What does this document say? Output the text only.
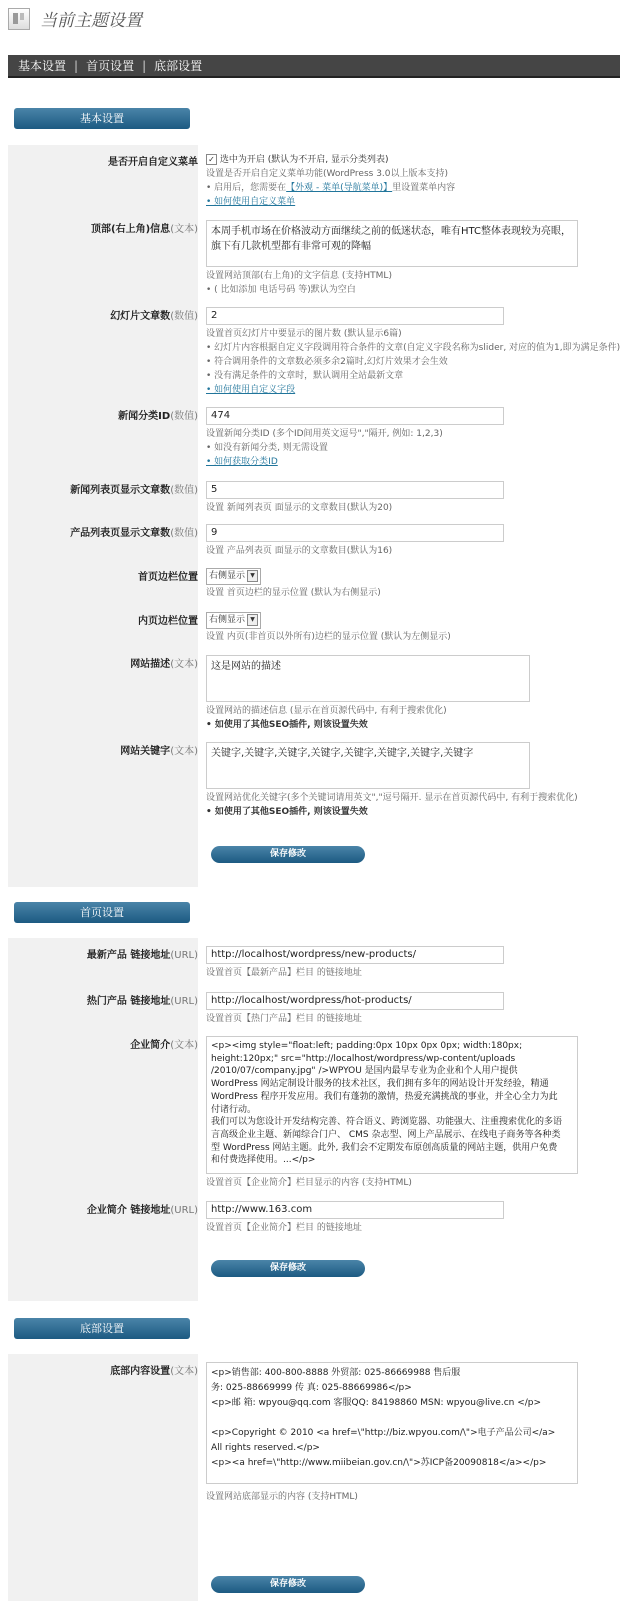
当前主题设置
基本设置 | 首页设置 | 底部设置
基本设置
是否开启自定义菜单 ✓ 选中为开启 (默认为不开启, 显示分类列表)
设置是否开启自定义菜单功能(WordPress 3.0以上版本支持)
• 启用后，您需要在【外观 - 菜单(导航菜单)】里设置菜单内容
• 如何使用自定义菜单
顶部(右上角)信息(文本)	本周手机市场在价格波动方面继续之前的低迷状态，唯有HTC整体表现较为亮眼，旗下有几款机型都有非常可观的降幅
设置网站顶部(右上角)的文字信息 (支持HTML)
• ( 比如添加 电话号码 等)默认为空白
幻灯片文章数(数值)	2
设置首页幻灯片中要显示的图片数 (默认显示6篇)
• 幻灯片内容根据自定义字段调用符合条件的文章(自定义字段名称为slider, 对应的值为1,即为满足条件)
• 符合调用条件的文章数必须多余2篇时,幻灯片效果才会生效
• 没有满足条件的文章时，默认调用全站最新文章
• 如何使用自定义字段
新闻分类ID(数值)	474
设置新闻分类ID (多个ID间用英文逗号","隔开, 例如: 1,2,3)
• 如没有新闻分类, 则无需设置
• 如何获取分类ID
新闻列表页显示文章数(数值)	5
设置 新闻列表页 面显示的文章数目(默认为20)
产品列表页显示文章数(数值)	9
设置 产品列表页 面显示的文章数目(默认为16)
首页边栏位置	右侧显示 ▼
设置 首页边栏的显示位置 (默认为右侧显示)
内页边栏位置	右侧显示 ▼
设置 内页(非首页以外所有)边栏的显示位置 (默认为左侧显示)
网站描述(文本)	这是网站的描述
设置网站的描述信息 (显示在首页源代码中, 有利于搜索优化)
• 如使用了其他SEO插件, 则该设置失效
网站关键字(文本)	关键字,关键字,关键字,关键字,关键字,关键字,关键字,关键字
设置网站优化关键字(多个关键词请用英文","逗号隔开. 显示在首页源代码中, 有利于搜索优化)
• 如使用了其他SEO插件, 则该设置失效
保存修改
首页设置
最新产品 链接地址(URL)	http://localhost/wordpress/new-products/
设置首页【最新产品】栏目 的链接地址
热门产品 链接地址(URL)	http://localhost/wordpress/hot-products/
设置首页【热门产品】栏目 的链接地址
企业简介(文本) <p><img style="float:left; padding:0px 10px 0px 0px; width:180px;
height:120px;" src="http://localhost/wordpress/wp-content/uploads
/2010/07/company.jpg" />WPYOU 是国内最早专业为企业和个人用户提供
WordPress 网站定制设计服务的技术社区，我们拥有多年的网站设计开发经验，精通
WordPress 程序开发应用。我们有蓬勃的激情，热爱充满挑战的事业，并全心全力为此
付诸行动。
我们可以为您设计开发结构完善、符合语义、跨浏览器、功能强大、注重搜索优化的多语
言高级企业主题、新闻综合门户、 CMS 杂志型、网上产品展示、在线电子商务等各种类
型 WordPress 网站主题。此外, 我们会不定期发布原创高质量的网站主题，供用户免费
和付费选择使用。...</p>
设置首页【企业简介】栏目显示的内容 (支持HTML)
企业简介 链接地址(URL)	http://www.163.com
设置首页【企业简介】栏目 的链接地址
保存修改
底部设置
底部内容设置(文本) <p>销售部: 400-800-8888 外贸部: 025-86669988 售后服
务: 025-88669999 传 真: 025-88669986</p>
<p>邮 箱: wpyou@qq.com 客服QQ: 84198860 MSN: wpyou@live.cn </p>
<p>Copyright © 2010 <a href=\"http://biz.wpyou.com/\">电子产品公司</a>
All rights reserved.</p>
<p><a href=\"http://www.miibeian.gov.cn/\">苏ICP备20090818</a></p>
设置网站底部显示的内容 (支持HTML)
保存修改
